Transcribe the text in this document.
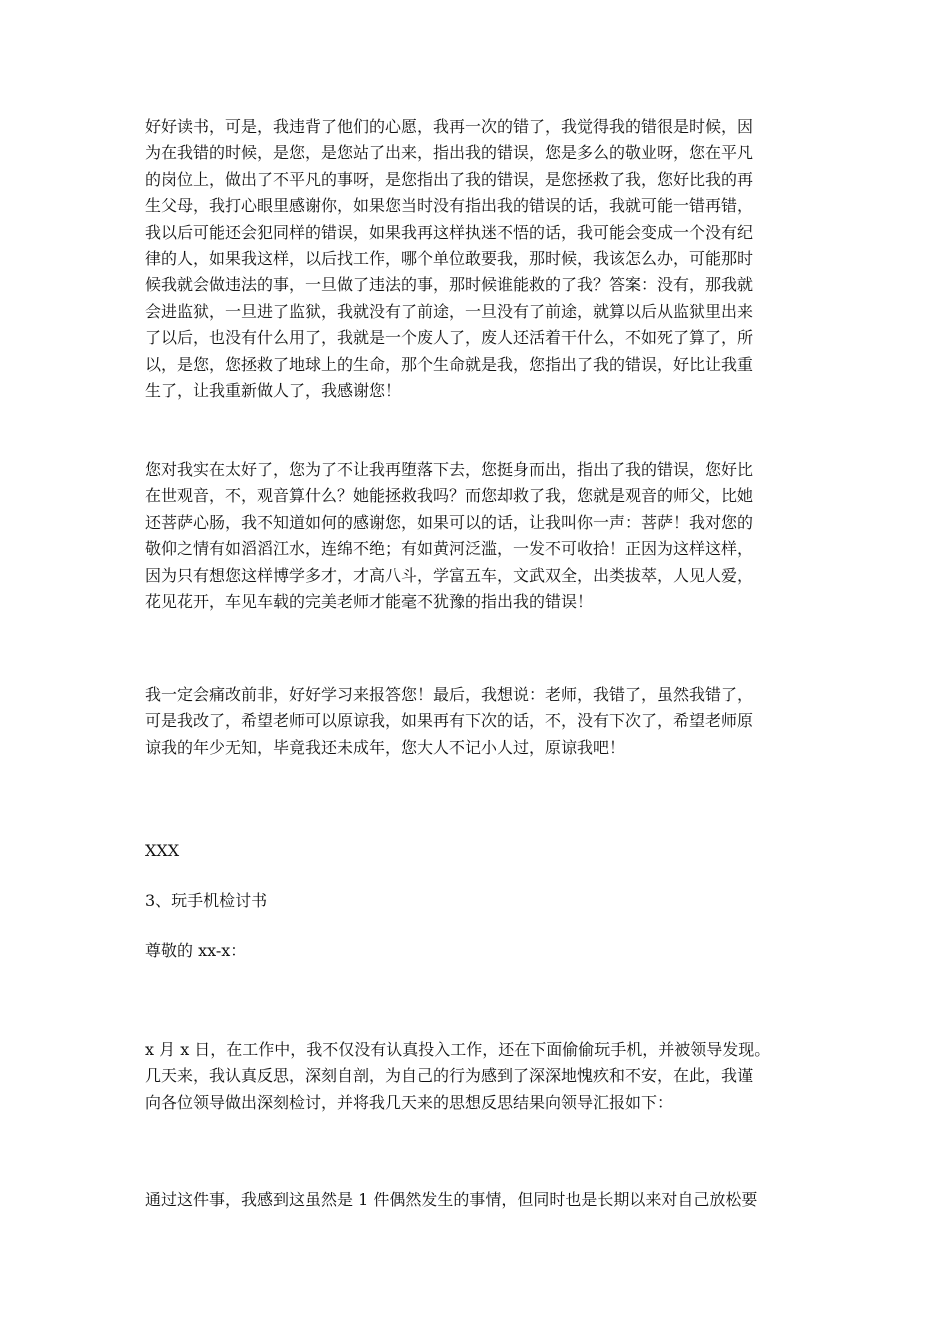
好好读书，可是，我违背了他们的心愿，我再一次的错了，我觉得我的错很是时候，因
为在我错的时候，是您，是您站了出来，指出我的错误，您是多么的敬业呀，您在平凡
的岗位上，做出了不平凡的事呀，是您指出了我的错误，是您拯救了我，您好比我的再
生父母，我打心眼里感谢你，如果您当时没有指出我的错误的话，我就可能一错再错，
我以后可能还会犯同样的错误，如果我再这样执迷不悟的话，我可能会变成一个没有纪
律的人，如果我这样，以后找工作，哪个单位敢要我，那时候，我该怎么办，可能那时
候我就会做违法的事，一旦做了违法的事，那时候谁能救的了我？答案：没有，那我就
会进监狱，一旦进了监狱，我就没有了前途，一旦没有了前途，就算以后从监狱里出来
了以后，也没有什么用了，我就是一个废人了，废人还活着干什么，不如死了算了，所
以，是您，您拯救了地球上的生命，那个生命就是我，您指出了我的错误，好比让我重
生了，让我重新做人了，我感谢您！
您对我实在太好了，您为了不让我再堕落下去，您挺身而出，指出了我的错误，您好比
在世观音，不，观音算什么？她能拯救我吗？而您却救了我，您就是观音的师父，比她
还菩萨心肠，我不知道如何的感谢您，如果可以的话，让我叫你一声：菩萨！我对您的
敬仰之情有如滔滔江水，连绵不绝；有如黄河泛滥，一发不可收拾！正因为这样这样，
因为只有想您这样博学多才，才高八斗，学富五车，文武双全，出类拔萃，人见人爱，
花见花开，车见车载的完美老师才能毫不犹豫的指出我的错误！
我一定会痛改前非，好好学习来报答您！最后，我想说：老师，我错了，虽然我错了，
可是我改了，希望老师可以原谅我，如果再有下次的话，不，没有下次了，希望老师原
谅我的年少无知，毕竟我还未成年，您大人不记小人过，原谅我吧！
XXX
3、玩手机检讨书
尊敬的 xx-x：
x 月 x 日，在工作中，我不仅没有认真投入工作，还在下面偷偷玩手机，并被领导发现。
几天来，我认真反思，深刻自剖，为自己的行为感到了深深地愧疚和不安，在此，我谨
向各位领导做出深刻检讨，并将我几天来的思想反思结果向领导汇报如下：
通过这件事，我感到这虽然是 1 件偶然发生的事情，但同时也是长期以来对自己放松要
